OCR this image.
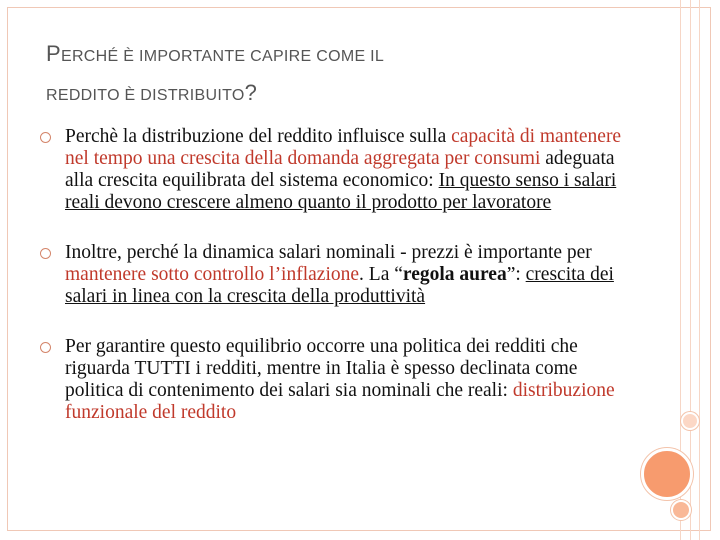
PERCHÉ È IMPORTANTE CAPIRE COME IL
REDDITO È DISTRIBUITO?
Perchè la distribuzione del reddito influisce sulla capacità di mantenere nel tempo una crescita della domanda aggregata per consumi adeguata alla crescita equilibrata del sistema economico: In questo senso i salari reali devono crescere almeno quanto il prodotto per lavoratore
Inoltre, perché la dinamica salari nominali - prezzi è importante per mantenere sotto controllo l’inflazione. La “regola aurea”: crescita dei salari in linea con la crescita della produttività
Per garantire questo equilibrio occorre una politica dei redditi che riguarda TUTTI i redditi, mentre in Italia è spesso declinata come politica di contenimento dei salari sia nominali che reali: distribuzione funzionale del reddito
